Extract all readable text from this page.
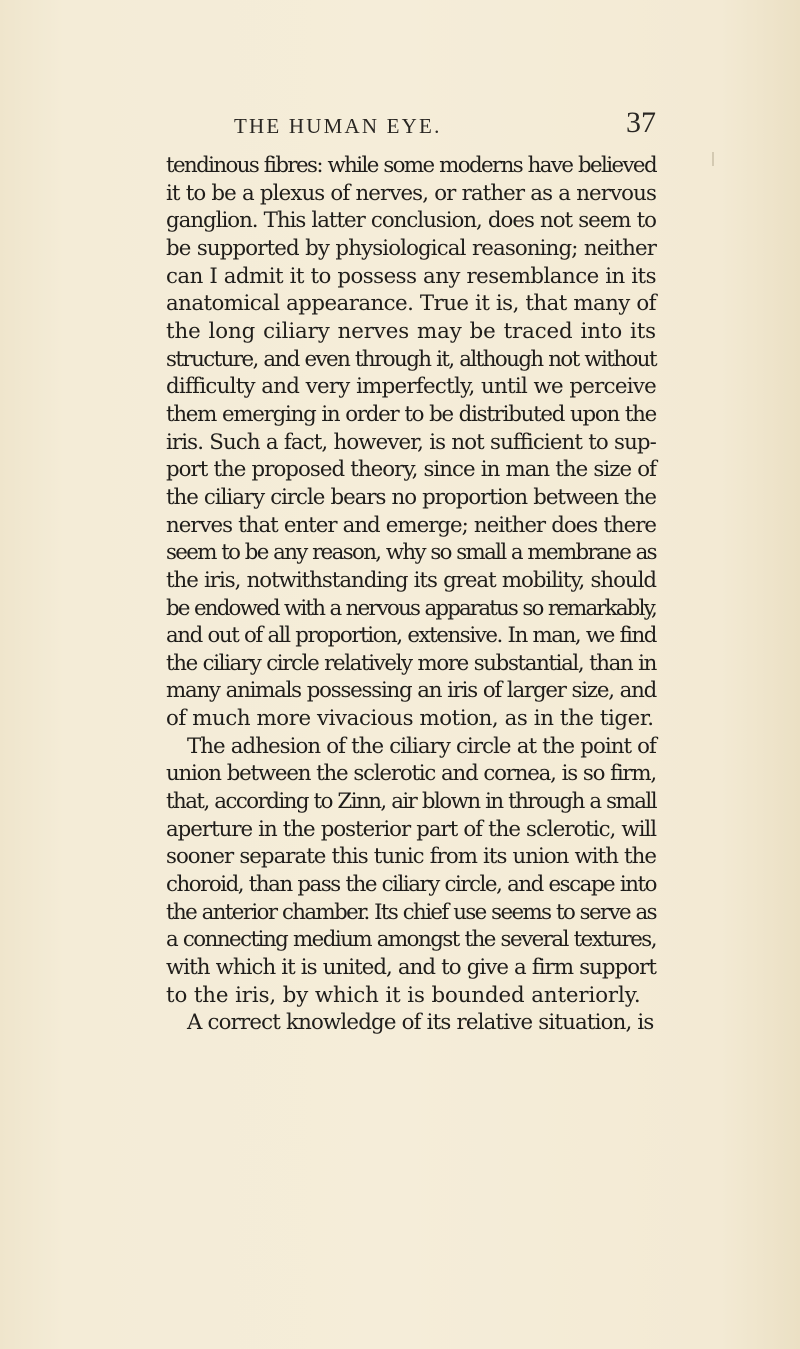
THE HUMAN EYE.	37
tendinous fibres: while some moderns have believed
it to be a plexus of nerves, or rather as a nervous
ganglion. This latter conclusion, does not seem to
be supported by physiological reasoning; neither
can I admit it to possess any resemblance in its
anatomical appearance. True it is, that many of
the long ciliary nerves may be traced into its
structure, and even through it, although not without
difficulty and very imperfectly, until we perceive
them emerging in order to be distributed upon the
iris. Such a fact, however, is not sufficient to sup-
port the proposed theory, since in man the size of
the ciliary circle bears no proportion between the
nerves that enter and emerge; neither does there
seem to be any reason, why so small a membrane as
the iris, notwithstanding its great mobility, should
be endowed with a nervous apparatus so remarkably,
and out of all proportion, extensive. In man, we find
the ciliary circle relatively more substantial, than in
many animals possessing an iris of larger size, and
of much more vivacious motion, as in the tiger.
The adhesion of the ciliary circle at the point of
union between the sclerotic and cornea, is so firm,
that, according to Zinn, air blown in through a small
aperture in the posterior part of the sclerotic, will
sooner separate this tunic from its union with the
choroid, than pass the ciliary circle, and escape into
the anterior chamber. Its chief use seems to serve as
a connecting medium amongst the several textures,
with which it is united, and to give a firm support
to the iris, by which it is bounded anteriorly.
A correct knowledge of its relative situation, is
